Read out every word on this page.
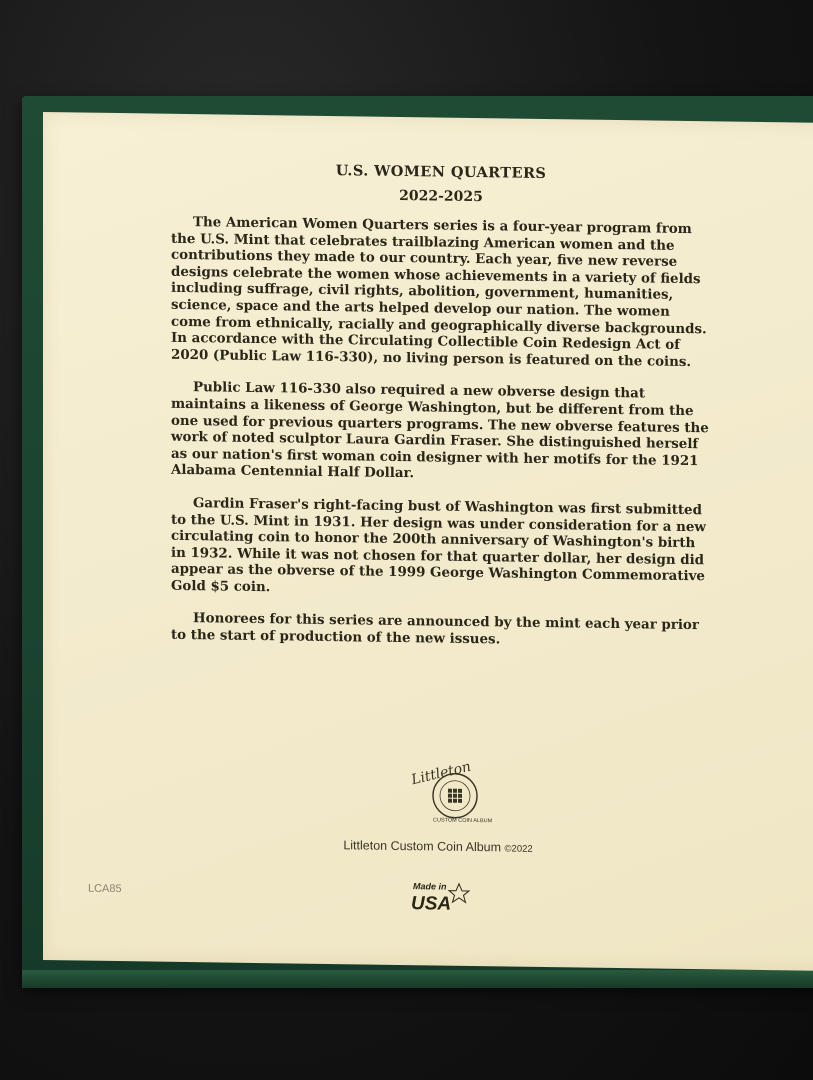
U.S. WOMEN QUARTERS

2022-2025

The American Women Quarters series is a four-year program from the U.S. Mint that celebrates trailblazing American women and the contributions they made to our country. Each year, five new reverse designs celebrate the women whose achievements in a variety of fields including suffrage, civil rights, abolition, government, humanities, science, space and the arts helped develop our nation. The women come from ethnically, racially and geographically diverse backgrounds. In accordance with the Circulating Collectible Coin Redesign Act of 2020 (Public Law 116-330), no living person is featured on the coins.

Public Law 116-330 also required a new obverse design that maintains a likeness of George Washington, but be different from the one used for previous quarters programs. The new obverse features the work of noted sculptor Laura Gardin Fraser. She distinguished herself as our nation's first woman coin designer with her motifs for the 1921 Alabama Centennial Half Dollar.

Gardin Fraser's right-facing bust of Washington was first submitted to the U.S. Mint in 1931. Her design was under consideration for a new circulating coin to honor the 200th anniversary of Washington's birth in 1932. While it was not chosen for that quarter dollar, her design did appear as the obverse of the 1999 George Washington Commemorative Gold $5 coin.

Honorees for this series are announced by the mint each year prior to the start of production of the new issues.

Littleton
CUSTOM COIN ALBUM
Littleton Custom Coin Album ©2022
LCA85	Made in
USA
